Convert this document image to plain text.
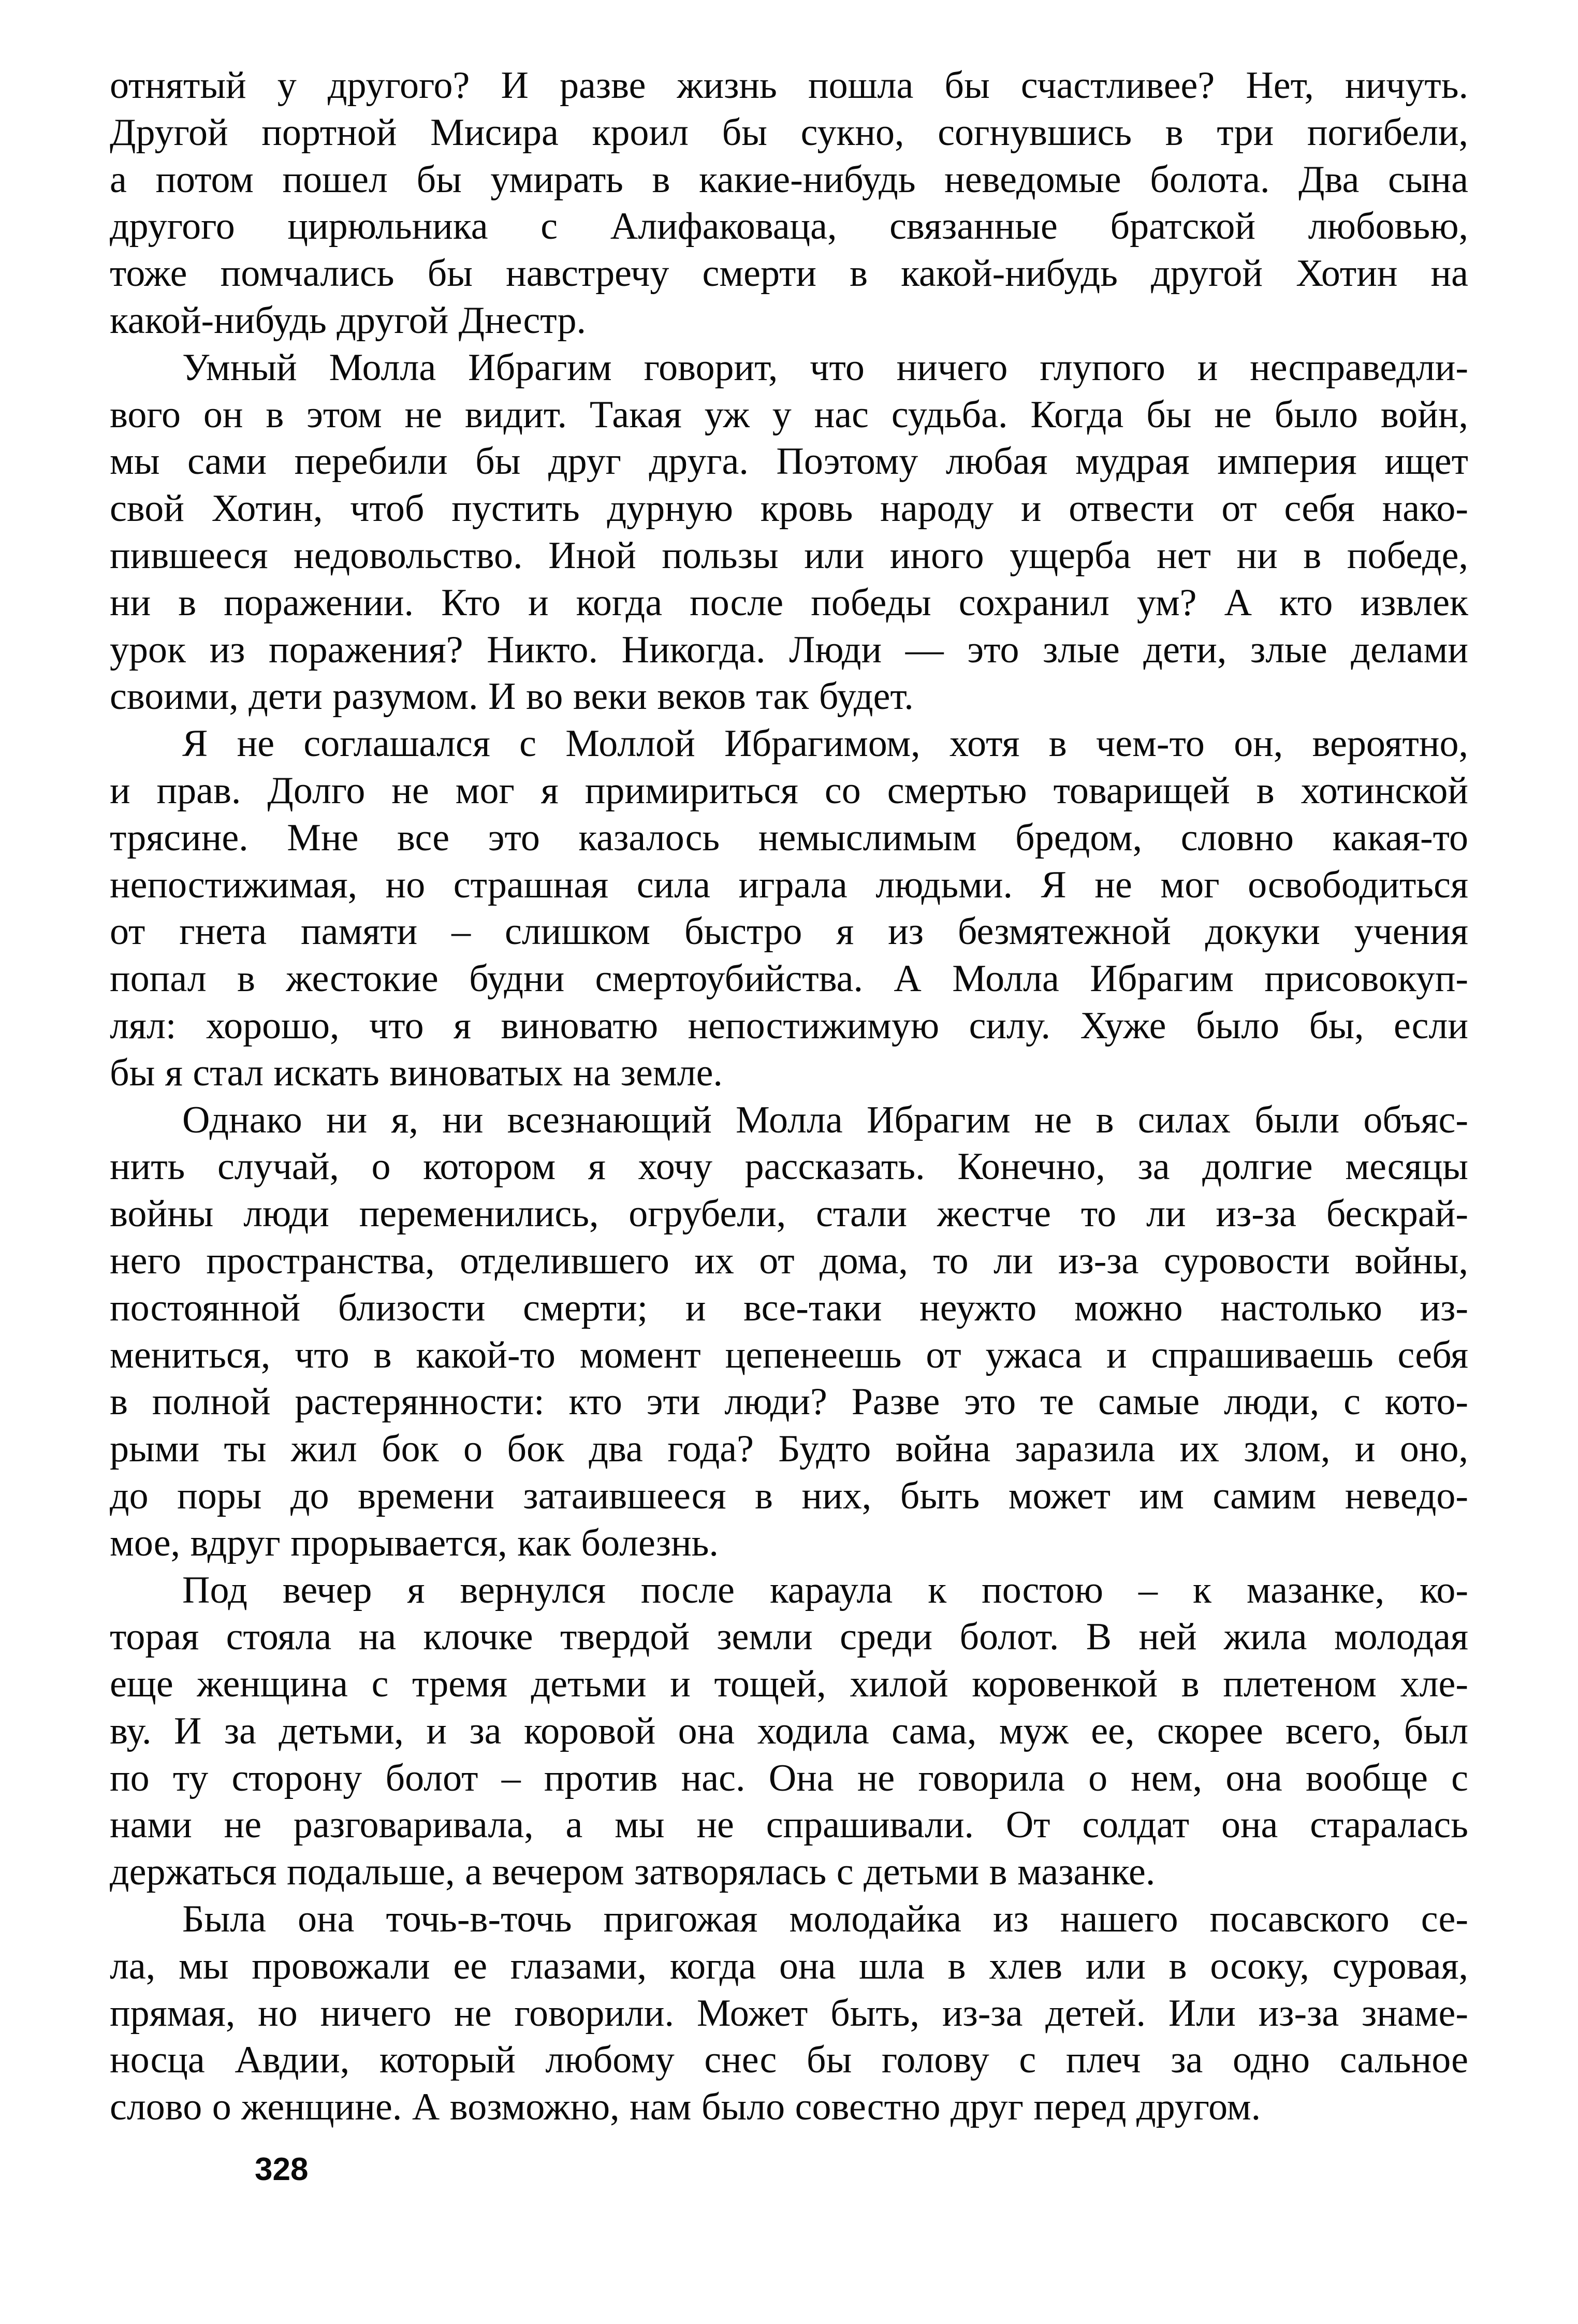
отнятый у другого? И разве жизнь пошла бы счастливее? Нет, ничуть.
Другой портной Мисира кроил бы сукно, согнувшись в три погибели,
а потом пошел бы умирать в какие-нибудь неведомые болота. Два сына
другого цирюльника с Алифаковаца, связанные братской любовью,
тоже помчались бы навстречу смерти в какой-нибудь другой Хотин на
какой-нибудь другой Днестр.
Умный Молла Ибрагим говорит, что ничего глупого и несправедли-
вого он в этом не видит. Такая уж у нас судьба. Когда бы не было войн,
мы сами перебили бы друг друга. Поэтому любая мудрая империя ищет
свой Хотин, чтоб пустить дурную кровь народу и отвести от себя нако-
пившееся недовольство. Иной пользы или иного ущерба нет ни в победе,
ни в поражении. Кто и когда после победы сохранил ум? А кто извлек
урок из поражения? Никто. Никогда. Люди — это злые дети, злые делами
своими, дети разумом. И во веки веков так будет.
Я не соглашался с Моллой Ибрагимом, хотя в чем-то он, вероятно,
и прав. Долго не мог я примириться со смертью товарищей в хотинской
трясине. Мне все это казалось немыслимым бредом, словно какая-то
непостижимая, но страшная сила играла людьми. Я не мог освободиться
от гнета памяти – слишком быстро я из безмятежной докуки учения
попал в жестокие будни смертоубийства. А Молла Ибрагим присовокуп-
лял: хорошо, что я виноватю непостижимую силу. Хуже было бы, если
бы я стал искать виноватых на земле.
Однако ни я, ни всезнающий Молла Ибрагим не в силах были объяс-
нить случай, о котором я хочу рассказать. Конечно, за долгие месяцы
войны люди переменились, огрубели, стали жестче то ли из-за бескрай-
него пространства, отделившего их от дома, то ли из-за суровости войны,
постоянной близости смерти; и все-таки неужто можно настолько из-
мениться, что в какой-то момент цепенеешь от ужаса и спрашиваешь себя
в полной растерянности: кто эти люди? Разве это те самые люди, с кото-
рыми ты жил бок о бок два года? Будто война заразила их злом, и оно,
до поры до времени затаившееся в них, быть может им самим неведо-
мое, вдруг прорывается, как болезнь.
Под вечер я вернулся после караула к постою – к мазанке, ко-
торая стояла на клочке твердой земли среди болот. В ней жила молодая
еще женщина с тремя детьми и тощей, хилой коровенкой в плетеном хле-
ву. И за детьми, и за коровой она ходила сама, муж ее, скорее всего, был
по ту сторону болот – против нас. Она не говорила о нем, она вообще с
нами не разговаривала, а мы не спрашивали. От солдат она старалась
держаться подальше, а вечером затворялась с детьми в мазанке.
Была она точь-в-точь пригожая молодайка из нашего посавского се-
ла, мы провожали ее глазами, когда она шла в хлев или в осоку, суровая,
прямая, но ничего не говорили. Может быть, из-за детей. Или из-за знаме-
носца Авдии, который любому снес бы голову с плеч за одно сальное
слово о женщине. А возможно, нам было совестно друг перед другом.
328
